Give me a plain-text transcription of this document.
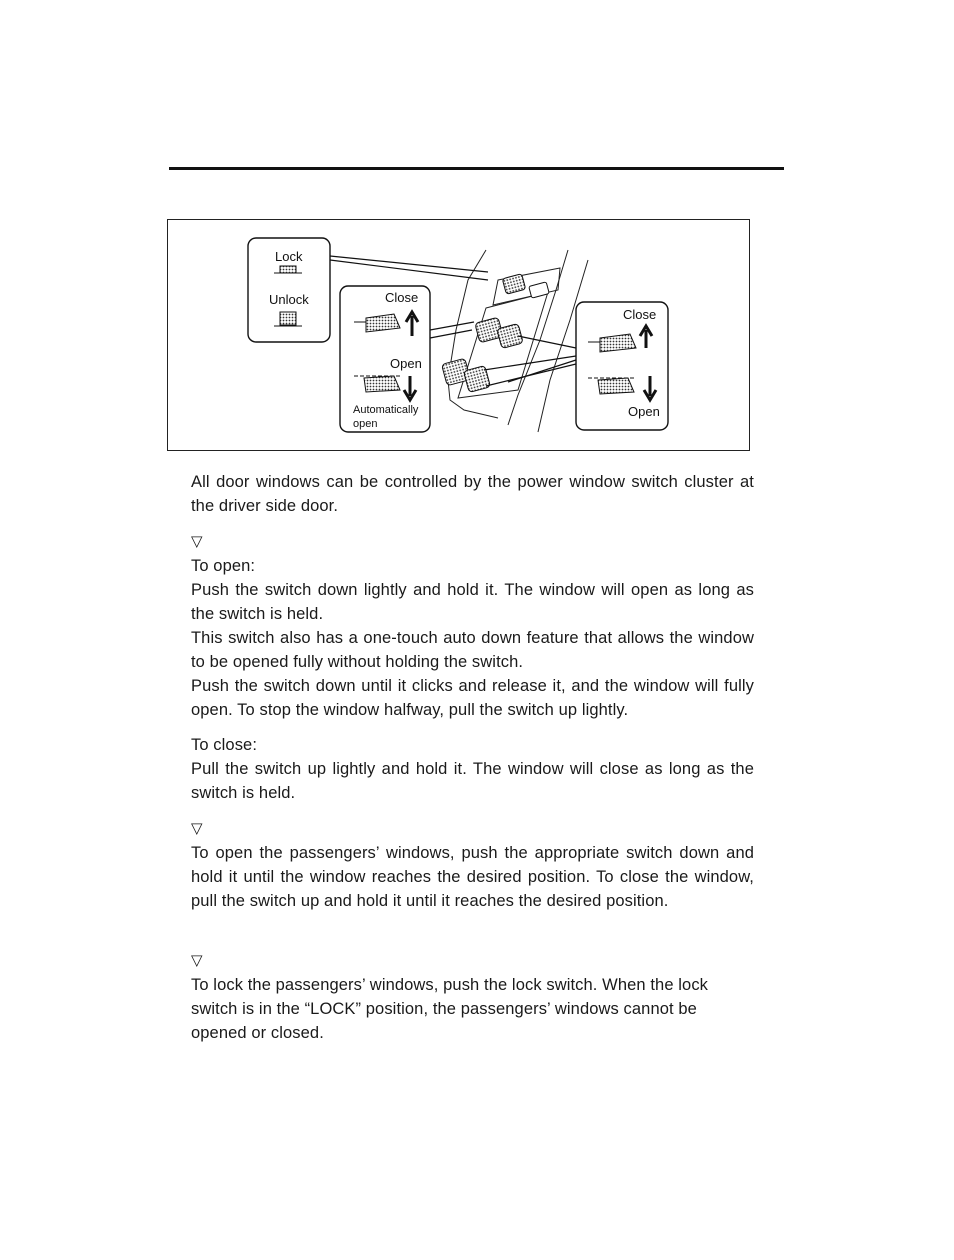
Lock
Unlock	Close
Open
Automatically
open
Close
Open
All door windows can be controlled by the power window switch cluster at the driver side door.
▽
To open:
Push the switch down lightly and hold it. The window will open as long as the switch is held.
This switch also has a one-touch auto down feature that allows the window to be opened fully without holding the switch.
Push the switch down until it clicks and release it, and the window will fully open. To stop the window halfway, pull the switch up lightly.
To close:
Pull the switch up lightly and hold it. The window will close as long as the switch is held.
▽
To open the passengers’ windows, push the appropriate switch down and hold it until the window reaches the desired position. To close the window, pull the switch up and hold it until it reaches the desired position.
▽
To lock the passengers’ windows, push the lock switch. When the lock switch is in the “LOCK” position, the passengers’ windows cannot be opened or closed.
